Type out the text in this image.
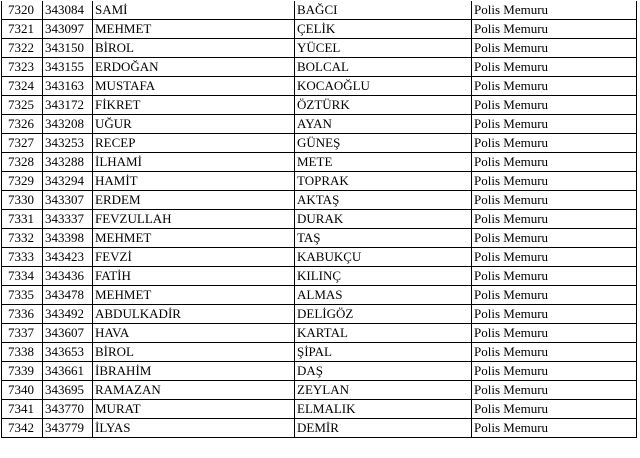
7320	343084	SAMİ	BAĞCI	Polis Memuru
7321	343097	MEHMET	ÇELİK	Polis Memuru
7322	343150	BİROL	YÜCEL	Polis Memuru
7323	343155	ERDOĞAN	BOLCAL	Polis Memuru
7324	343163	MUSTAFA	KOCAOĞLU	Polis Memuru
7325	343172	FİKRET	ÖZTÜRK	Polis Memuru
7326	343208	UĞUR	AYAN	Polis Memuru
7327	343253	RECEP	GÜNEŞ	Polis Memuru
7328	343288	İLHAMİ	METE	Polis Memuru
7329	343294	HAMİT	TOPRAK	Polis Memuru
7330	343307	ERDEM	AKTAŞ	Polis Memuru
7331	343337	FEVZULLAH	DURAK	Polis Memuru
7332	343398	MEHMET	TAŞ	Polis Memuru
7333	343423	FEVZİ	KABUKÇU	Polis Memuru
7334	343436	FATİH	KILINÇ	Polis Memuru
7335	343478	MEHMET	ALMAS	Polis Memuru
7336	343492	ABDULKADİR	DELİGÖZ	Polis Memuru
7337	343607	HAVA	KARTAL	Polis Memuru
7338	343653	BİROL	ŞİPAL	Polis Memuru
7339	343661	İBRAHİM	DAŞ	Polis Memuru
7340	343695	RAMAZAN	ZEYLAN	Polis Memuru
7341	343770	MURAT	ELMALIK	Polis Memuru
7342	343779	İLYAS	DEMİR	Polis Memuru
